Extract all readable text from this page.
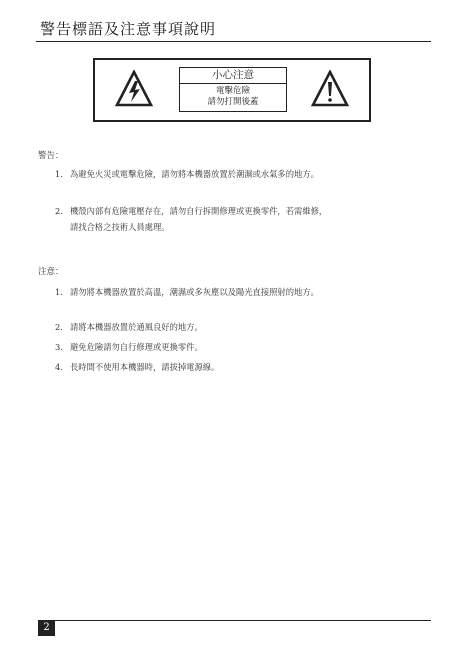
警告標語及注意事項說明
小心注意
電擊危險
請勿打開後蓋
警告：
1. 為避免火災或電擊危險，請勿將本機器放置於潮濕或水氣多的地方。
2. 機殼內部有危險電壓存在，請勿自行拆開修理或更換零件，若需維修，請找合格之技術人員處理。
注意：
1. 請勿將本機器放置於高溫，潮濕或多灰塵以及陽光直接照射的地方。
2. 請將本機器放置於通風良好的地方。
3. 避免危險請勿自行修理或更換零件。
4. 長時間不使用本機器時，請拔掉電源線。
2
